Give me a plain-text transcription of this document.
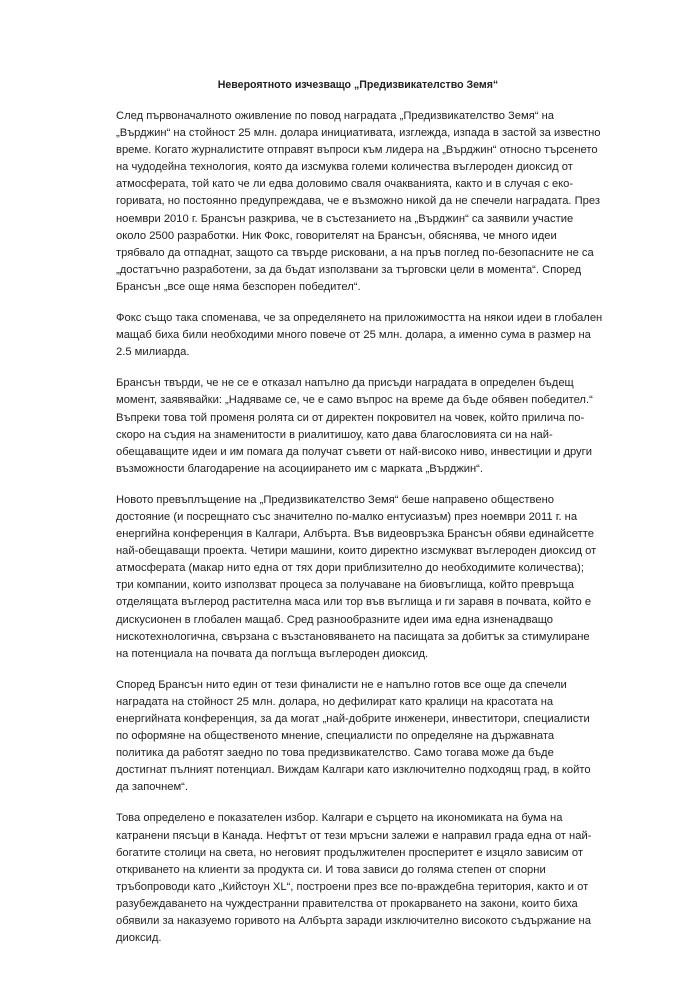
Невероятното изчезващо „Предизвикателство Земя“

След първоначалното оживление по повод наградата „Предизвикателство Земя“ на „Върджин“ на стойност 25 млн. долара инициативата, изглежда, изпада в застой за известно време. Когато журналистите отправят въпроси към лидера на „Върджин“ относно търсенето на чудодейна технология, която да изсмуква големи количества въглероден диоксид от атмосферата, той като че ли едва доловимо сваля очакванията, както и в случая с еко-горивата, но постоянно предупреждава, че е възможно никой да не спечели наградата. През ноември 2010 г. Брансън разкрива, че в състезанието на „Върджин“ са заявили участие около 2500 разработки. Ник Фокс, говорителят на Брансън, обяснява, че много идеи трябвало да отпаднат, защото са твърде рисковани, а на пръв поглед по-безопасните не са „достатъчно разработени, за да бъдат използвани за търговски цели в момента“. Според Брансън „все още няма безспорен победител“.

Фокс също така споменава, че за определянето на приложимостта на някои идеи в глобален мащаб биха били необходими много повече от 25 млн. долара, а именно сума в размер на 2.5 милиарда.

Брансън твърди, че не се е отказал напълно да присъди наградата в определен бъдещ момент, заявявайки: „Надяваме се, че е само въпрос на време да бъде обявен победител.“ Въпреки това той променя ролята си от директен покровител на човек, който прилича по-скоро на съдия на знаменитости в риалитишоу, като дава благословията си на най-обещаващите идеи и им помага да получат съвети от най-високо ниво, инвестиции и други възможности благодарение на асоциирането им с марката „Върджин“.

Новото превъплъщение на „Предизвикателство Земя“ беше направено обществено достояние (и посрещнато със значително по-малко ентусиазъм) през ноември 2011 г. на енергийна конференция в Калгари, Албърта. Във видеовръзка Брансън обяви единайсетте най-обещаващи проекта. Четири машини, които директно изсмукват въглероден диоксид от атмосферата (макар нито една от тях дори приблизително до необходимите количества); три компании, които използват процеса за получаване на биовъглища, който превръща отделящата въглерод растителна маса или тор във въглища и ги заравя в почвата, който е дискусионен в глобален мащаб. Сред разнообразните идеи има една изненадващо нискотехнологична, свързана с възстановяването на пасищата за добитък за стимулиране на потенциала на почвата да поглъща въглероден диоксид.

Според Брансън нито един от тези финалисти не е напълно готов все още да спечели наградата на стойност 25 млн. долара, но дефилират като кралици на красотата на енергийната конференция, за да могат „най-добрите инженери, инвеститори, специалисти по оформяне на общественото мнение, специалисти по определяне на държавната политика да работят заедно по това предизвикателство. Само тогава може да бъде достигнат пълният потенциал. Виждам Калгари като изключително подходящ град, в който да започнем“.

Това определено е показателен избор. Калгари е сърцето на икономиката на бума на катранени пясъци в Канада. Нефтът от тези мръсни залежи е направил града една от най-богатите столици на света, но неговият продължителен просперитет е изцяло зависим от откриването на клиенти за продукта си. И това зависи до голяма степен от спорни тръбопроводи като „Кийстоун XL“, построени през все по-враждебна територия, както и от разубеждаването на чуждестранни правителства от прокарването на закони, които биха обявили за наказуемо горивото на Албърта заради изключително високото съдържание на диоксид.
